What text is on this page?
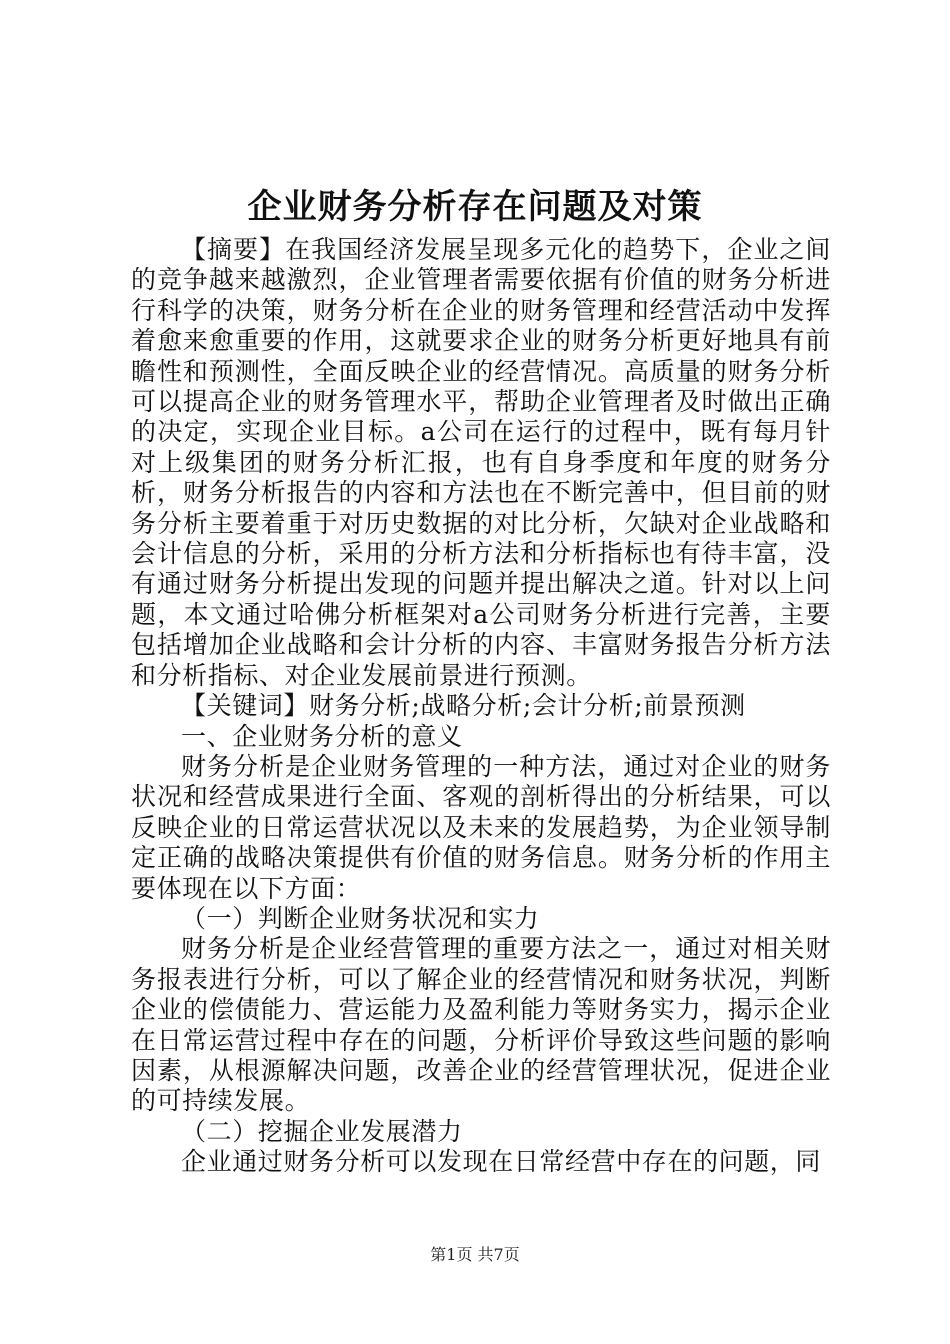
企业财务分析存在问题及对策

【摘要】在我国经济发展呈现多元化的趋势下，企业之间的竞争越来越激烈，企业管理者需要依据有价值的财务分析进行科学的决策，财务分析在企业的财务管理和经营活动中发挥着愈来愈重要的作用，这就要求企业的财务分析更好地具有前瞻性和预测性，全面反映企业的经营情况。高质量的财务分析可以提高企业的财务管理水平，帮助企业管理者及时做出正确的决定，实现企业目标。a公司在运行的过程中，既有每月针对上级集团的财务分析汇报，也有自身季度和年度的财务分析，财务分析报告的内容和方法也在不断完善中，但目前的财务分析主要着重于对历史数据的对比分析，欠缺对企业战略和会计信息的分析，采用的分析方法和分析指标也有待丰富，没有通过财务分析提出发现的问题并提出解决之道。针对以上问题，本文通过哈佛分析框架对a公司财务分析进行完善，主要包括增加企业战略和会计分析的内容、丰富财务报告分析方法和分析指标、对企业发展前景进行预测。

【关键词】财务分析;战略分析;会计分析;前景预测

一、企业财务分析的意义

财务分析是企业财务管理的一种方法，通过对企业的财务状况和经营成果进行全面、客观的剖析得出的分析结果，可以反映企业的日常运营状况以及未来的发展趋势，为企业领导制定正确的战略决策提供有价值的财务信息。财务分析的作用主要体现在以下方面：

（一）判断企业财务状况和实力

财务分析是企业经营管理的重要方法之一，通过对相关财务报表进行分析，可以了解企业的经营情况和财务状况，判断企业的偿债能力、营运能力及盈利能力等财务实力，揭示企业在日常运营过程中存在的问题，分析评价导致这些问题的影响因素，从根源解决问题，改善企业的经营管理状况，促进企业的可持续发展。

（二）挖掘企业发展潜力

企业通过财务分析可以发现在日常经营中存在的问题，同

第1页 共7页
